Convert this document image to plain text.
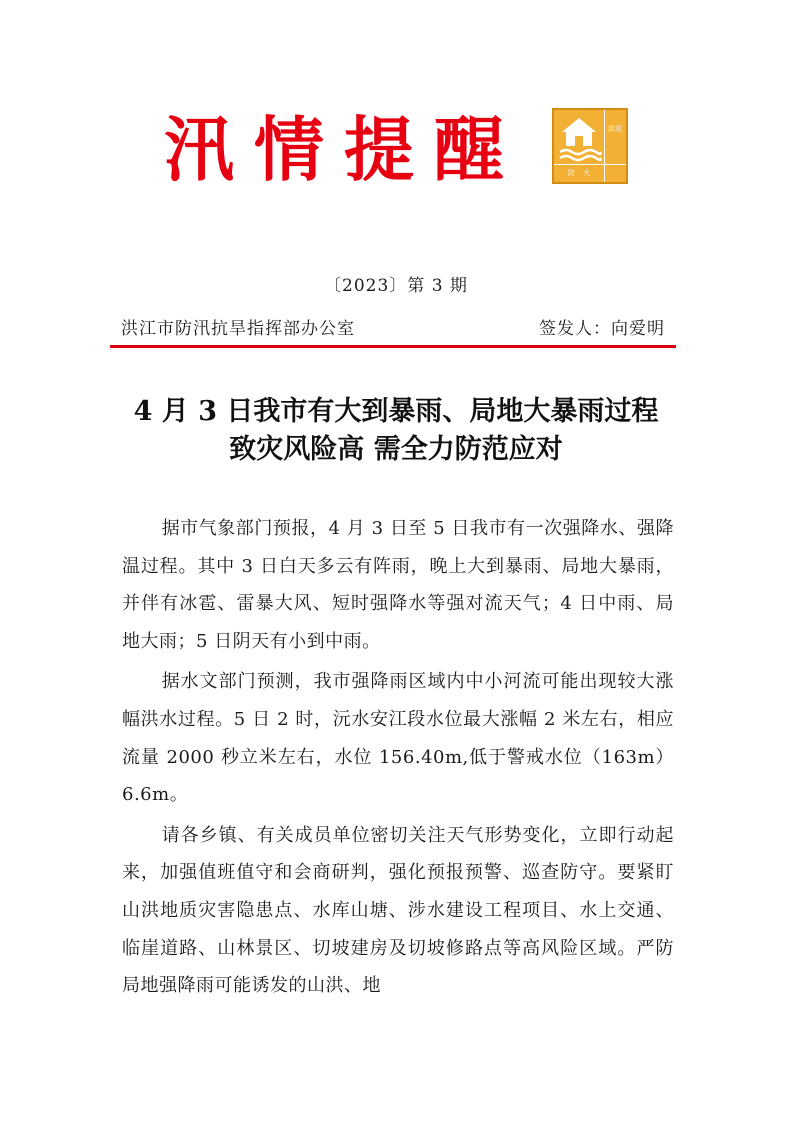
汛情提醒	洪汛
防大
〔2023〕第 3 期
洪江市防汛抗旱指挥部办公室	签发人：向爱明
4 月 3 日我市有大到暴雨、局地大暴雨过程
致灾风险高 需全力防范应对

据市气象部门预报，4 月 3 日至 5 日我市有一次强降水、强降温过程。其中 3 日白天多云有阵雨，晚上大到暴雨、局地大暴雨，并伴有冰雹、雷暴大风、短时强降水等强对流天气；4 日中雨、局地大雨；5 日阴天有小到中雨。

据水文部门预测，我市强降雨区域内中小河流可能出现较大涨幅洪水过程。5 日 2 时，沅水安江段水位最大涨幅 2 米左右，相应流量 2000 秒立米左右，水位 156.40m,低于警戒水位（163m）6.6m。

请各乡镇、有关成员单位密切关注天气形势变化，立即行动起来，加强值班值守和会商研判，强化预报预警、巡查防守。要紧盯山洪地质灾害隐患点、水库山塘、涉水建设工程项目、水上交通、临崖道路、山林景区、切坡建房及切坡修路点等高风险区域。严防局地强降雨可能诱发的山洪、地
